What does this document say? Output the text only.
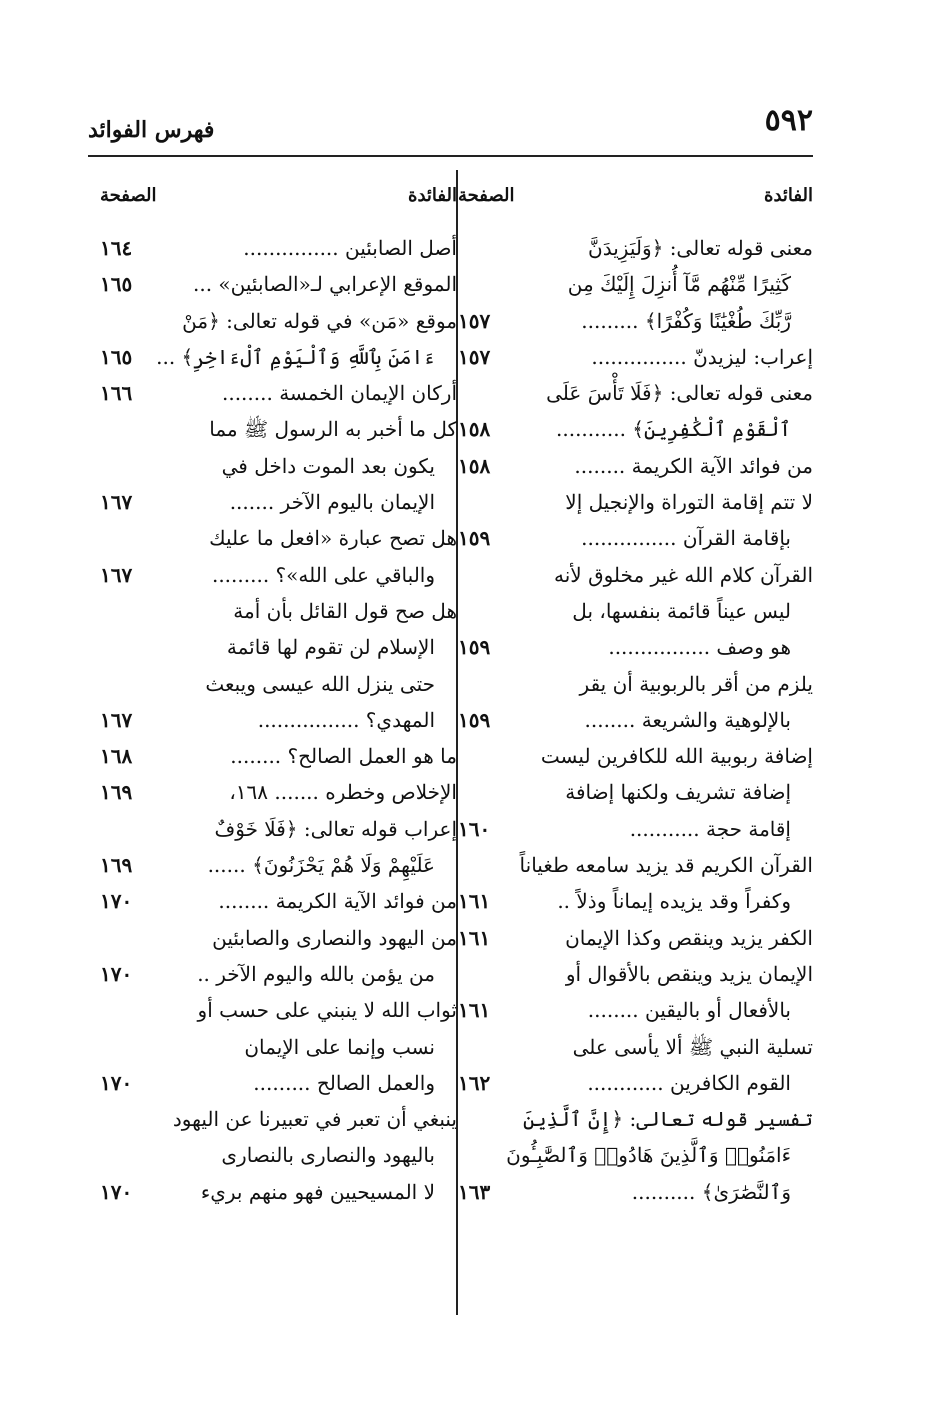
٥٩٢
فهرس الفوائد
الفائدة
الصفحة
معنى قوله تعالى: ﴿وَلَيَزِيدَنَّ
كَثِيرًا مِّنْهُم مَّآ أُنزِلَ إِلَيْكَ مِن
رَّبِّكَ طُغْيَٰنًا وَكُفْرًا﴾ .........
١٥٧
إعراب: ليزيدنّ ...............
١٥٧
معنى قوله تعالى: ﴿فَلَا تَأْسَ عَلَى
ٱلْقَوْمِ ٱلْكَٰفِرِينَ﴾ ...........
١٥٨
من فوائد الآية الكريمة ........
١٥٨
لا تتم إقامة التوراة والإنجيل إلا
بإقامة القرآن ...............
١٥٩
القرآن كلام الله غير مخلوق لأنه
ليس عيناً قائمة بنفسها، بل
هو وصف ................
١٥٩
يلزم من أقر بالربوبية أن يقر
بالإلوهية والشريعة ........
١٥٩
إضافة ربوبية الله للكافرين ليست
إضافة تشريف ولكنها إضافة
إقامة حجة ...........
١٦٠
القرآن الكريم قد يزيد سامعه طغياناً
وكفراً وقد يزيده إيماناً وذلاً ..
١٦١
الكفر يزيد وينقص وكذا الإيمان
١٦١
الإيمان يزيد وينقص بالأقوال أو
بالأفعال أو باليقين ........
١٦١
تسلية النبي ﷺ ألا يأسى على
القوم الكافرين ............
١٦٢
تفسير قوله تعالى: ﴿إِنَّ ٱلَّذِينَ
ءَامَنُوا۟ وَٱلَّذِينَ هَادُوا۟ وَٱلصَّٰبِـُٔونَ
وَٱلنَّصَٰرَىٰ﴾ ..........
١٦٣
الفائدة
الصفحة
أصل الصابئين ...............
١٦٤
الموقع الإعرابي لـ«الصابئين» ...
١٦٥
موقع «مَن» في قوله تعالى: ﴿مَنْ
ءَامَنَ بِٱللَّهِ وَٱلْيَوْمِ ٱلْءَاخِرِ﴾ ...
١٦٥
أركان الإيمان الخمسة ........
١٦٦
كل ما أخبر به الرسول ﷺ مما
يكون بعد الموت داخل في
الإيمان باليوم الآخر .......
١٦٧
هل تصح عبارة «افعل ما عليك
والباقي على الله»؟ .........
١٦٧
هل صح قول القائل بأن أمة
الإسلام لن تقوم لها قائمة
حتى ينزل الله عيسى ويبعث
المهدي؟ ................
١٦٧
ما هو العمل الصالح؟ ........
١٦٨
الإخلاص وخطره ....... ١٦٨،
١٦٩
إعراب قوله تعالى: ﴿فَلَا خَوْفٌ
عَلَيْهِمْ وَلَا هُمْ يَحْزَنُونَ﴾ ......
١٦٩
من فوائد الآية الكريمة ........
١٧٠
من اليهود والنصارى والصابئين
من يؤمن بالله واليوم الآخر ..
١٧٠
ثواب الله لا ينبني على حسب أو
نسب وإنما على الإيمان
والعمل الصالح .........
١٧٠
ينبغي أن تعبر في تعبيرنا عن اليهود
باليهود والنصارى بالنصارى
لا المسيحيين فهو منهم بريء
١٧٠
